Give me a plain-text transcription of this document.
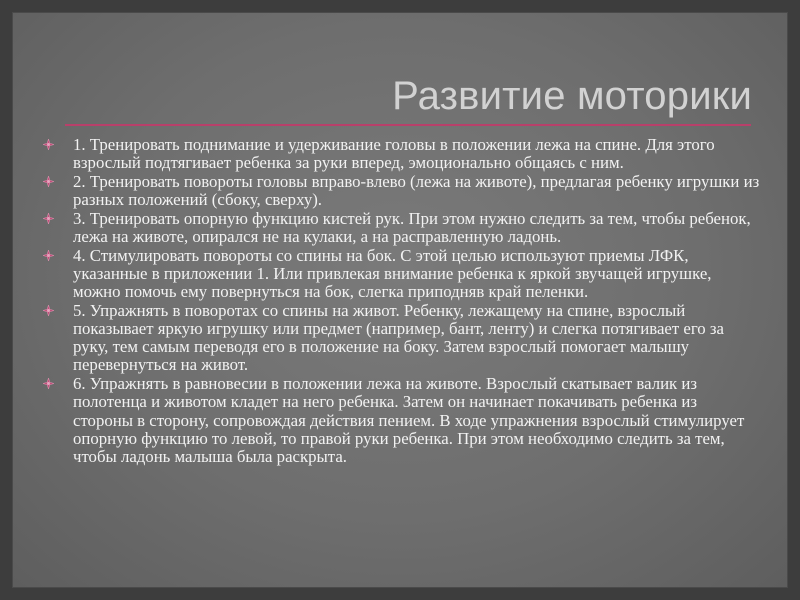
Развитие моторики
1. Тренировать поднимание и удерживание головы в положении лежа на спине. Для этого взрослый подтягивает ребенка за руки вперед, эмоционально общаясь с ним.
2. Тренировать повороты головы вправо-влево (лежа на животе), предлагая ребенку игрушки из разных положений (сбоку, сверху).
3. Тренировать опорную функцию кистей рук. При этом нужно следить за тем, чтобы ребенок, лежа на животе, опирался не на кулаки, а на расправленную ладонь.
4. Стимулировать повороты со спины на бок. С этой целью используют приемы ЛФК, указанные в приложении 1. Или привлекая внимание ребенка к яркой звучащей игрушке, можно помочь ему повернуться на бок, слегка приподняв край пеленки.
5. Упражнять в поворотах со спины на живот. Ребенку, лежащему на спине, взрослый показывает яркую игрушку или предмет (например, бант, ленту) и слегка потягивает его за руку, тем самым переводя его в положение на боку. Затем взрослый помогает малышу перевернуться на живот.
6. Упражнять в равновесии в положении лежа на животе. Взрослый скатывает валик из полотенца и животом кладет на него ребенка. Затем он начинает покачивать ребенка из стороны в сторону, сопровождая действия пением. В ходе упражнения взрослый стимулирует опорную функцию то левой, то правой руки ребенка. При этом необходимо следить за тем, чтобы ладонь малыша была раскрыта.
